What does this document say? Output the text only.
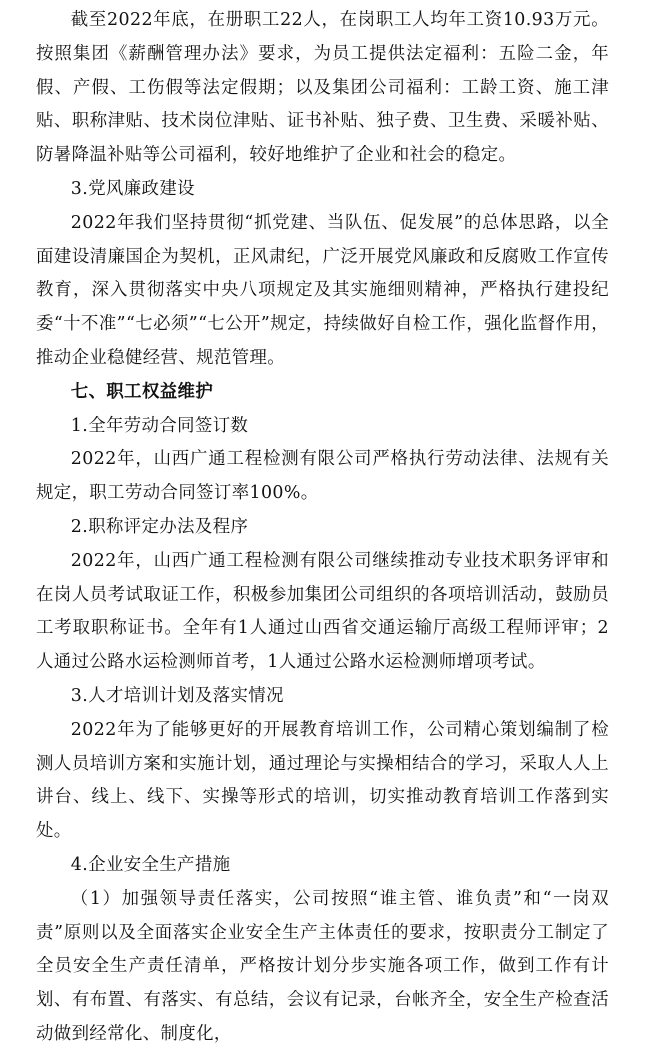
截至2022年底，在册职工22人，在岗职工人均年工资10.93万元。按照集团《薪酬管理办法》要求，为员工提供法定福利：五险二金，年假、产假、工伤假等法定假期；以及集团公司福利：工龄工资、施工津贴、职称津贴、技术岗位津贴、证书补贴、独子费、卫生费、采暖补贴、防暑降温补贴等公司福利，较好地维护了企业和社会的稳定。

3.党风廉政建设

2022年我们坚持贯彻“抓党建、当队伍、促发展”的总体思路，以全面建设清廉国企为契机，正风肃纪，广泛开展党风廉政和反腐败工作宣传教育，深入贯彻落实中央八项规定及其实施细则精神，严格执行建投纪委“十不准”“七必须”“七公开”规定，持续做好自检工作，强化监督作用，推动企业稳健经营、规范管理。

七、职工权益维护

1.全年劳动合同签订数

2022年，山西广通工程检测有限公司严格执行劳动法律、法规有关规定，职工劳动合同签订率100%。

2.职称评定办法及程序

2022年，山西广通工程检测有限公司继续推动专业技术职务评审和在岗人员考试取证工作，积极参加集团公司组织的各项培训活动，鼓励员工考取职称证书。全年有1人通过山西省交通运输厅高级工程师评审；2人通过公路水运检测师首考，1人通过公路水运检测师增项考试。

3.人才培训计划及落实情况

2022年为了能够更好的开展教育培训工作，公司精心策划编制了检测人员培训方案和实施计划，通过理论与实操相结合的学习，采取人人上讲台、线上、线下、实操等形式的培训，切实推动教育培训工作落到实处。

4.企业安全生产措施

（1）加强领导责任落实，公司按照“谁主管、谁负责”和“一岗双责”原则以及全面落实企业安全生产主体责任的要求，按职责分工制定了全员安全生产责任清单，严格按计划分步实施各项工作，做到工作有计划、有布置、有落实、有总结，会议有记录，台帐齐全，安全生产检查活动做到经常化、制度化，
